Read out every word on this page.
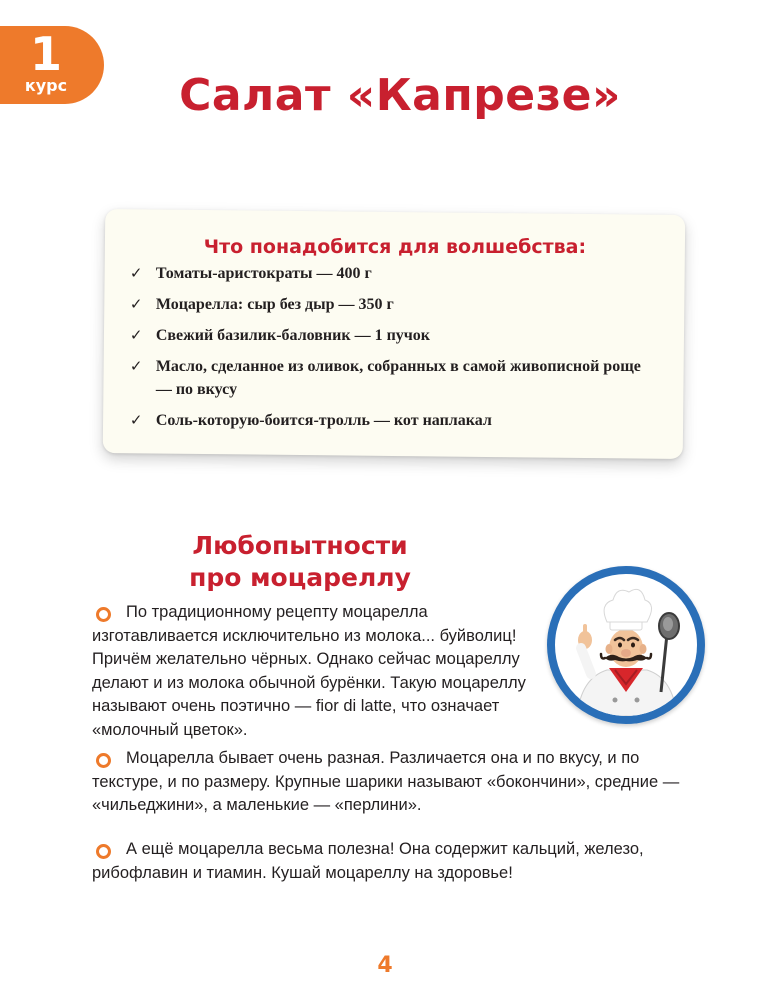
1
курс	Салат «Капрезе»
Что понадобится для волшебства:
✓ Томаты-аристократы — 400 г
✓ Моцарелла: сыр без дыр — 350 г
✓ Свежий базилик-баловник — 1 пучок
✓ Масло, сделанное из оливок, собранных в самой живописной роще — по вкусу
✓ Соль-которую-боится-тролль — кот наплакал
Любопытности
про моцареллу

По традиционному рецепту моцарелла изготавливается исключительно из молока... буйволиц! Причём желательно чёрных. Однако сейчас моцареллу делают и из молока обычной бурёнки. Такую моцареллу называют очень поэтично — fior di latte, что означает «молочный цветок».

Моцарелла бывает очень разная. Различается она и по вкусу, и по текстуре, и по размеру. Крупные шарики называют «бокончини», средние — «чильеджини», а маленькие — «перлини».

А ещё моцарелла весьма полезна! Она содержит кальций, железо, рибофлавин и тиамин. Кушай моцареллу на здоровье!

4
